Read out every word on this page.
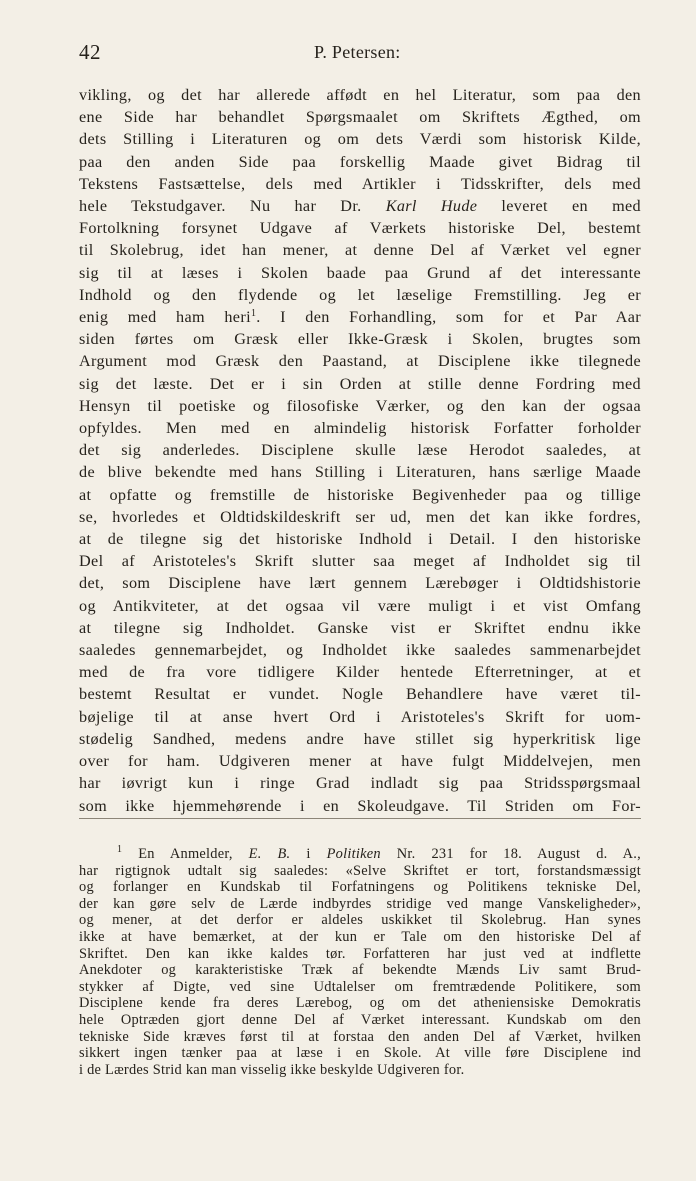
42	P. Petersen:
vikling, og det har allerede affødt en hel Literatur, som paa den
ene Side har behandlet Spørgsmaalet om Skriftets Ægthed, om
dets Stilling i Literaturen og om dets Værdi som historisk Kilde,
paa den anden Side paa forskellig Maade givet Bidrag til
Tekstens Fastsættelse, dels med Artikler i Tidsskrifter, dels med
hele Tekstudgaver. Nu har Dr. Karl Hude leveret en med
Fortolkning forsynet Udgave af Værkets historiske Del, bestemt
til Skolebrug, idet han mener, at denne Del af Værket vel egner
sig til at læses i Skolen baade paa Grund af det interessante
Indhold og den flydende og let læselige Fremstilling. Jeg er
enig med ham heri$^1$. I den Forhandling, som for et Par Aar
siden førtes om Græsk eller Ikke-Græsk i Skolen, brugtes som
Argument mod Græsk den Paastand, at Disciplene ikke tilegnede
sig det læste. Det er i sin Orden at stille denne Fordring med
Hensyn til poetiske og filosofiske Værker, og den kan der ogsaa
opfyldes. Men med en almindelig historisk Forfatter forholder
det sig anderledes. Disciplene skulle læse Herodot saaledes, at
de blive bekendte med hans Stilling i Literaturen, hans særlige Maade
at opfatte og fremstille de historiske Begivenheder paa og tillige
se, hvorledes et Oldtidskildeskrift ser ud, men det kan ikke fordres,
at de tilegne sig det historiske Indhold i Detail. I den historiske
Del af Aristoteles's Skrift slutter saa meget af Indholdet sig til
det, som Disciplene have lært gennem Lærebøger i Oldtidshistorie
og Antikviteter, at det ogsaa vil være muligt i et vist Omfang
at tilegne sig Indholdet. Ganske vist er Skriftet endnu ikke
saaledes gennemarbejdet, og Indholdet ikke saaledes sammenarbejdet
med de fra vore tidligere Kilder hentede Efterretninger, at et
bestemt Resultat er vundet. Nogle Behandlere have været til-
bøjelige til at anse hvert Ord i Aristoteles's Skrift for uom-
stødelig Sandhed, medens andre have stillet sig hyperkritisk lige
over for ham. Udgiveren mener at have fulgt Middelvejen, men
har iøvrigt kun i ringe Grad indladt sig paa Stridsspørgsmaal
som ikke hjemmehørende i en Skoleudgave. Til Striden om For-
$^1$ En Anmelder, E. B. i Politiken Nr. 231 for 18. August d. A.,
har rigtignok udtalt sig saaledes: «Selve Skriftet er tort, forstandsmæssigt
og forlanger en Kundskab til Forfatningens og Politikens tekniske Del,
der kan gøre selv de Lærde indbyrdes stridige ved mange Vanskeligheder»,
og mener, at det derfor er aldeles uskikket til Skolebrug. Han synes
ikke at have bemærket, at der kun er Tale om den historiske Del af
Skriftet. Den kan ikke kaldes tør. Forfatteren har just ved at indflette
Anekdoter og karakteristiske Træk af bekendte Mænds Liv samt Brud-
stykker af Digte, ved sine Udtalelser om fremtrædende Politikere, som
Disciplene kende fra deres Lærebog, og om det atheniensiske Demokratis
hele Optræden gjort denne Del af Værket interessant. Kundskab om den
tekniske Side kræves først til at forstaa den anden Del af Værket, hvilken
sikkert ingen tænker paa at læse i en Skole. At ville føre Disciplene ind
i de Lærdes Strid kan man visselig ikke beskylde Udgiveren for.
